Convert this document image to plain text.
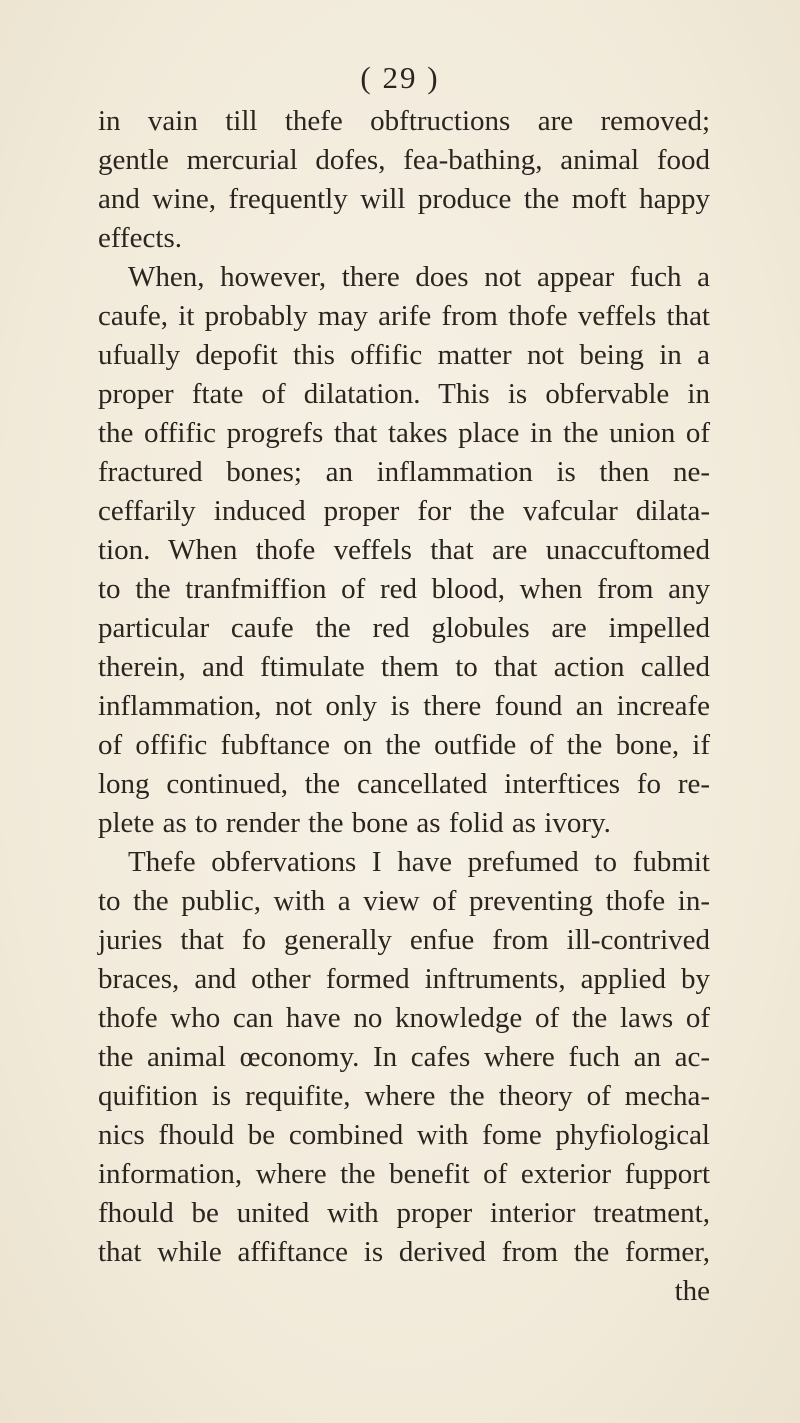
( 29 )
in vain till thefe obftructions are removed;
gentle mercurial dofes, fea-bathing, animal food
and wine, frequently will produce the moft happy
effects.
When, however, there does not appear fuch a
caufe, it probably may arife from thofe veffels that
ufually depofit this offific matter not being in a
proper ftate of dilatation. This is obfervable in
the offific progrefs that takes place in the union of
fractured bones; an inflammation is then ne-
ceffarily induced proper for the vafcular dilata-
tion. When thofe veffels that are unaccuftomed
to the tranfmiffion of red blood, when from any
particular caufe the red globules are impelled
therein, and ftimulate them to that action called
inflammation, not only is there found an increafe
of offific fubftance on the outfide of the bone, if
long continued, the cancellated interftices fo re-
plete as to render the bone as folid as ivory.
Thefe obfervations I have prefumed to fubmit
to the public, with a view of preventing thofe in-
juries that fo generally enfue from ill-contrived
braces, and other formed inftruments, applied by
thofe who can have no knowledge of the laws of
the animal œconomy. In cafes where fuch an ac-
quifition is requifite, where the theory of mecha-
nics fhould be combined with fome phyfiological
information, where the benefit of exterior fupport
fhould be united with proper interior treatment,
that while affiftance is derived from the former,
the
